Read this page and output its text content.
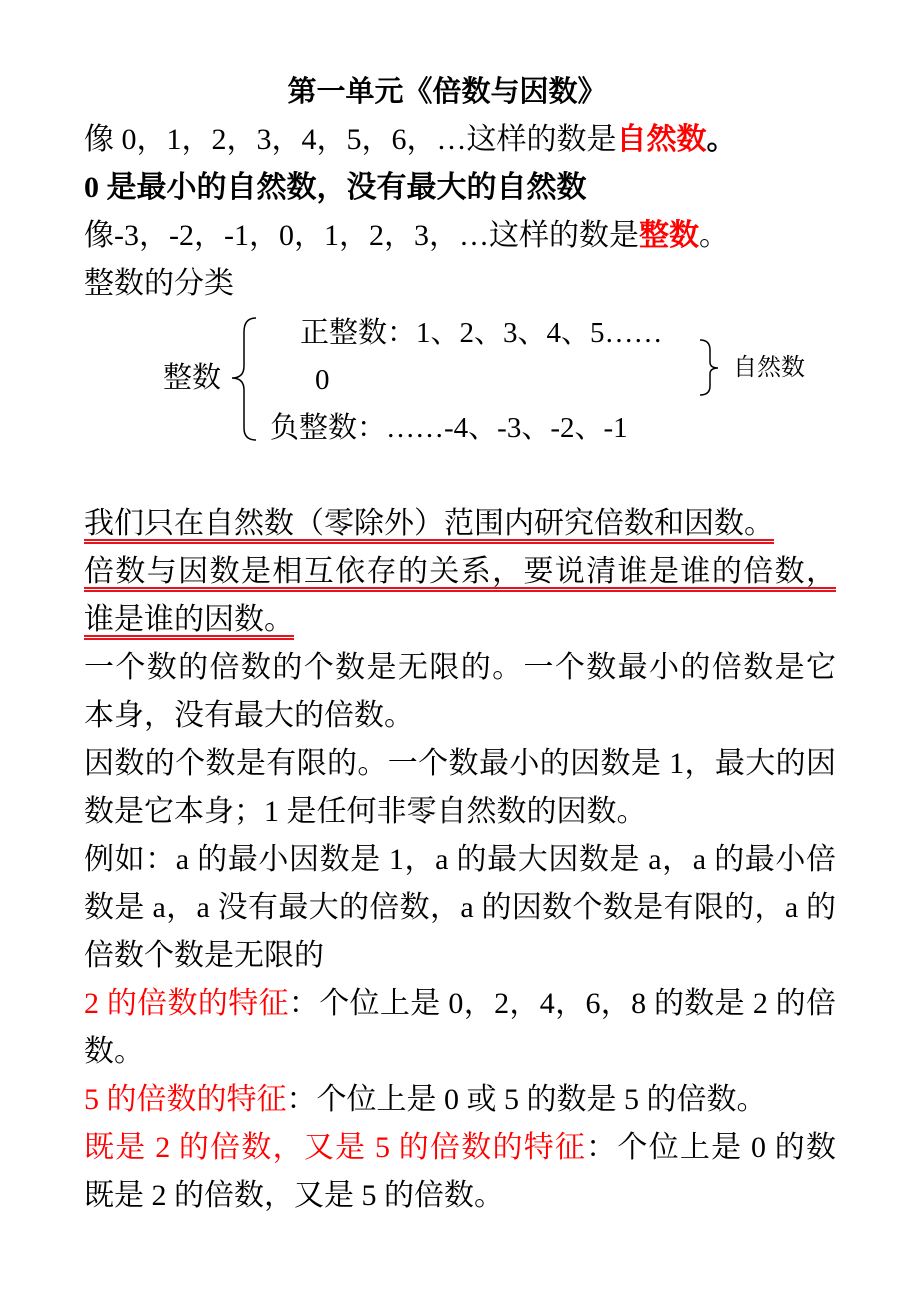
第一单元《倍数与因数》
像 0，1，2，3，4，5，6，…这样的数是自然数。
0 是最小的自然数，没有最大的自然数
像-3，-2，-1，0，1，2，3，…这样的数是整数。
整数的分类
整数
正整数：1、2、3、4、5……
0
负整数：……-4、-3、-2、-1
自然数
我们只在自然数（零除外）范围内研究倍数和因数。
倍数与因数是相互依存的关系，要说清谁是谁的倍数，
谁是谁的因数。
一个数的倍数的个数是无限的。一个数最小的倍数是它
本身，没有最大的倍数。
因数的个数是有限的。一个数最小的因数是 1，最大的因
数是它本身；1 是任何非零自然数的因数。
例如：a 的最小因数是 1，a 的最大因数是 a，a 的最小倍
数是 a，a 没有最大的倍数，a 的因数个数是有限的，a 的
倍数个数是无限的
2 的倍数的特征：个位上是 0，2，4，6，8 的数是 2 的倍
数。
5 的倍数的特征：个位上是 0 或 5 的数是 5 的倍数。
既是 2 的倍数，又是 5 的倍数的特征：个位上是 0 的数
既是 2 的倍数，又是 5 的倍数。
